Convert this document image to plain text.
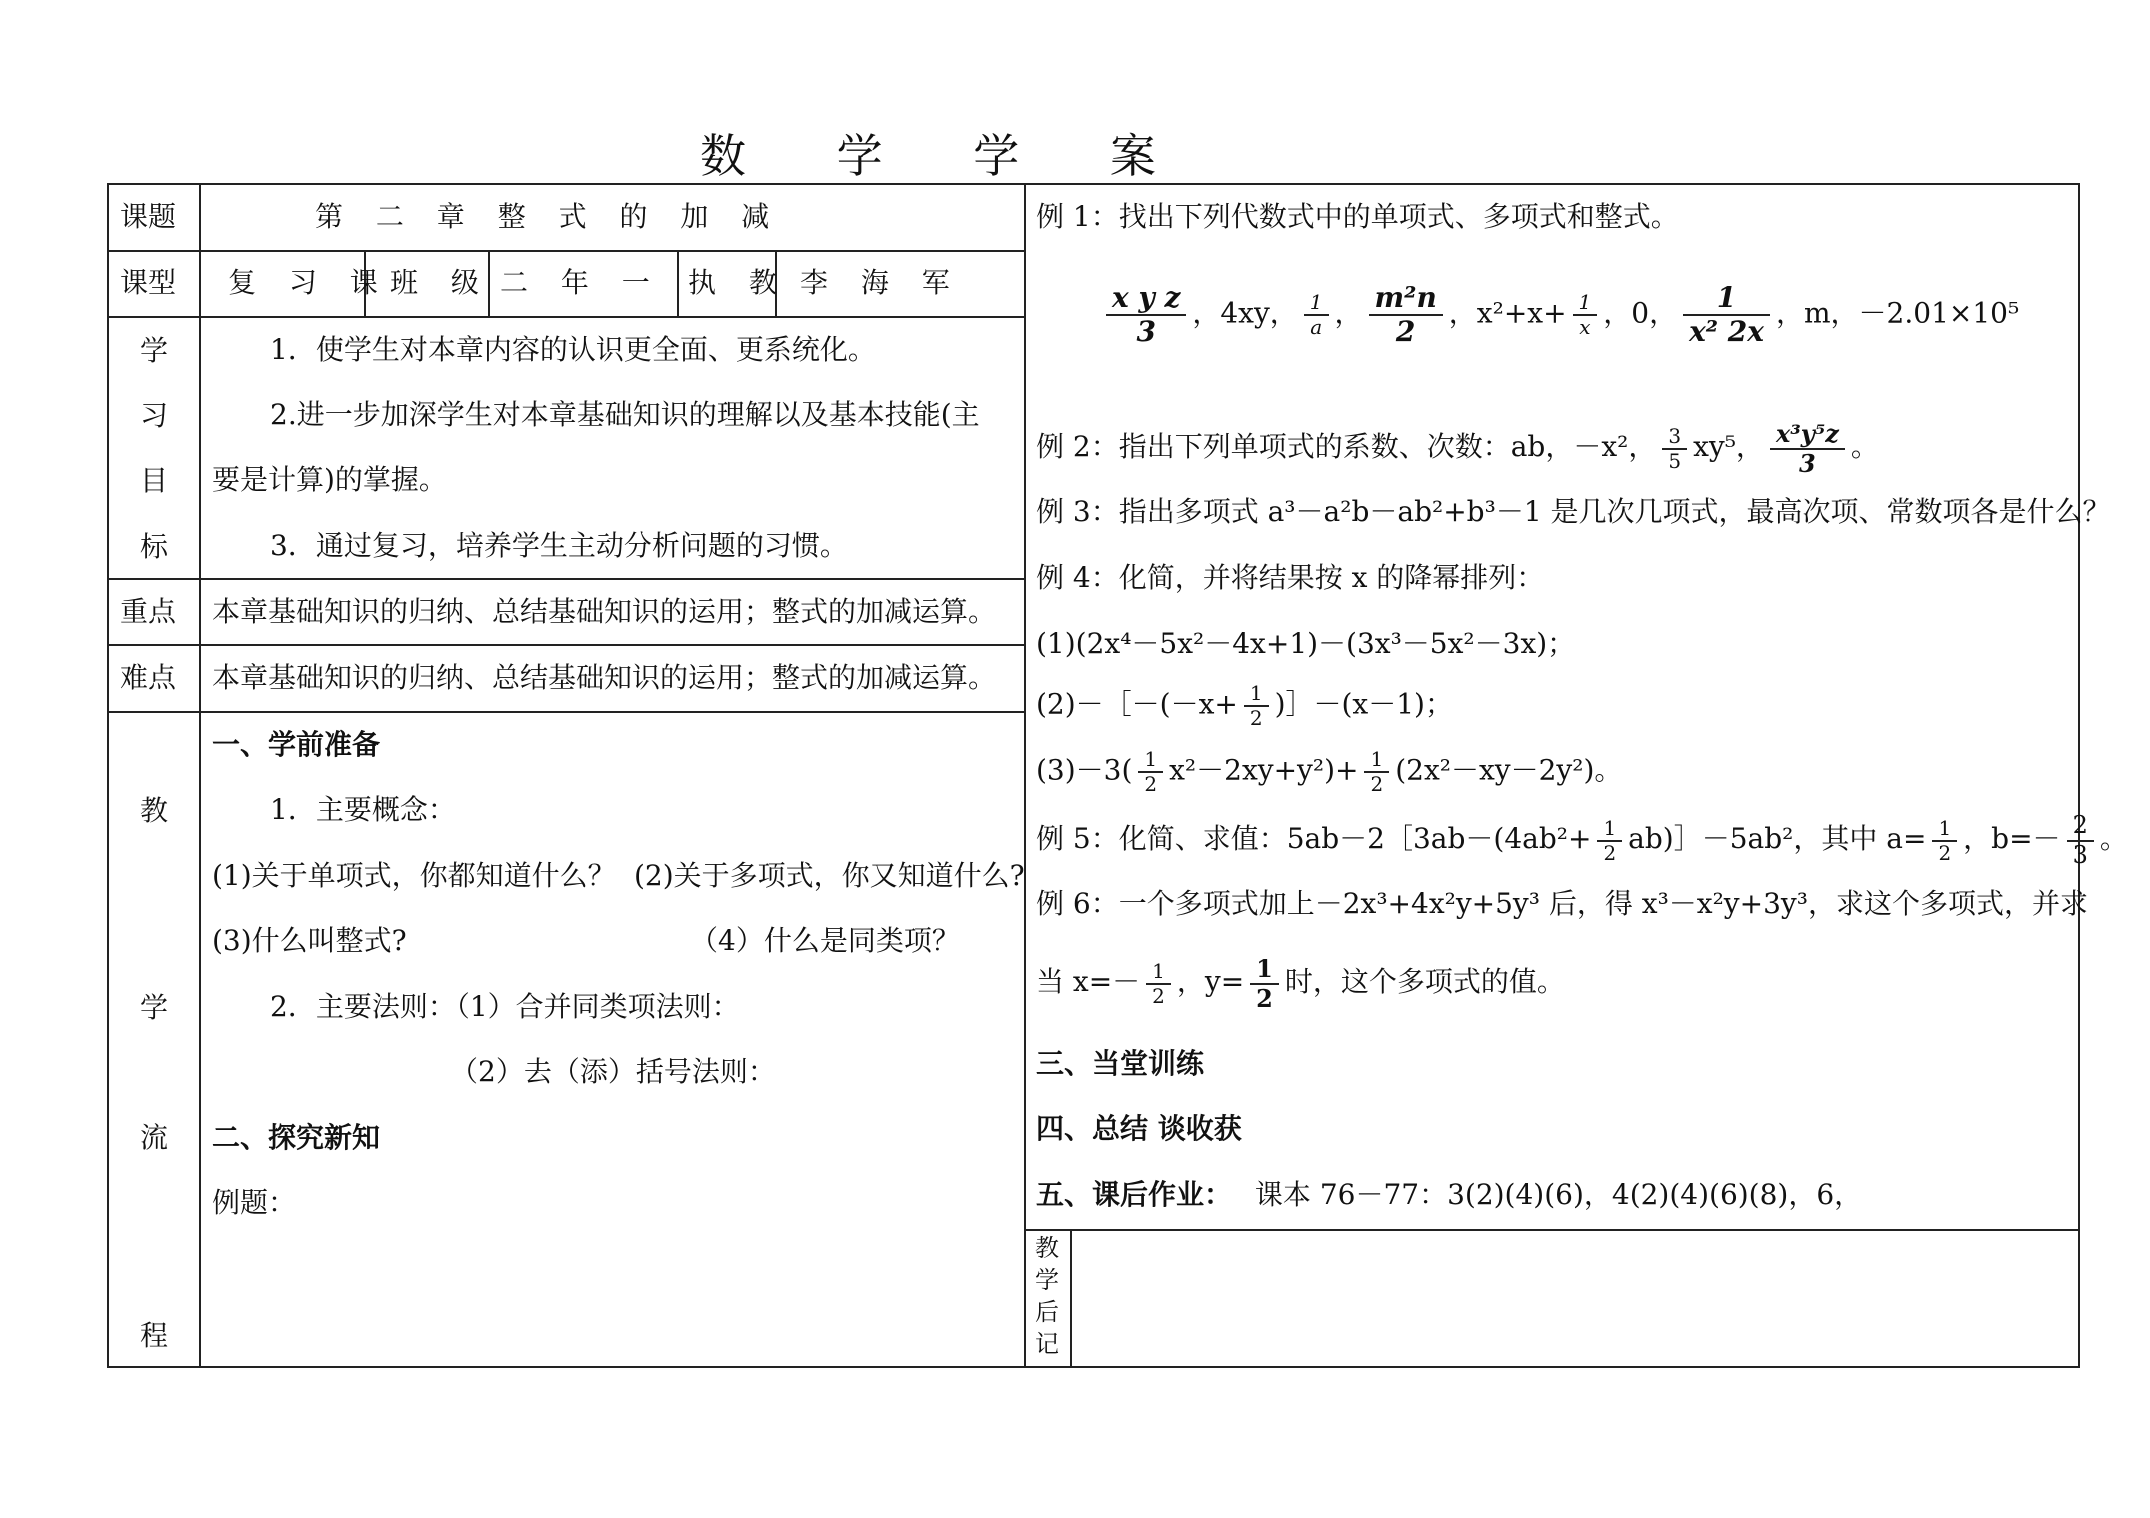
数 学 学 案
课题	第 二 章 整 式 的 加 减
课型 复 习 课 班 级 二 年 一 执 教 李 海 军
学
习
目
标
1．使学生对本章内容的认识更全面、更系统化。
2.进一步加深学生对本章基础知识的理解以及基本技能(主
要是计算)的掌握。
3．通过复习，培养学生主动分析问题的习惯。
重点 本章基础知识的归纳、总结基础知识的运用；整式的加减运算。
难点 本章基础知识的归纳、总结基础知识的运用；整式的加减运算。
教
学
流
程
一、学前准备
1．主要概念：
(1)关于单项式，你都知道什么？ (2)关于多项式，你又知道什么?
(3)什么叫整式?	（4）什么是同类项？
2．主要法则：（1）合并同类项法则：
（2）去（添）括号法则：
二、探究新知
例题：
例 1：找出下列代数式中的单项式、多项式和整式。
$\frac{\text{x y z}}{3}$ ，4xy， $\frac{1}{a}$ ， $\frac{\text{m²n}}{2}$ ，$x^2+x+ \frac{1}{x}$ ，0， $\frac{1}{\text{x² 2x}}$ ，m，－2.01×10⁵
例 2：指出下列单项式的系数、次数：ab，－x²， $\frac{3}{5} xy^5$， $\frac{\text{x³y⁵z}}{3}$ 。
例 3：指出多项式 a³－a²b－ab²+b³－1 是几次几项式，最高次项、常数项各是什么？
例 4：化简，并将结果按 x 的降幂排列：
(1)(2x⁴－5x²－4x+1)－(3x³－5x²－3x)；
(2)－［－(－x+ $\frac{1}{2}$ )］－(x－1)；
$(3)-3( \frac{1}{2} x^2-2xy+y^2)+ \frac{1}{2} (2x^2-xy-2y^2)$。
例 5：化简、求值：5ab－2［3ab－(4ab²+ $\frac{1}{2}$ ab)］－5ab²，其中 $a= \frac{1}{2}$ ，$b=- \frac{2}{3}$ 。
例 6：一个多项式加上－2x³+4x²y+5y³ 后，得 x³－x²y+3y³，求这个多项式，并求
当 $x=- \frac{1}{2}$ ，$y= \frac{1}{2}$ 时，这个多项式的值。
三、当堂训练
四、总结 谈收获
五、课后作业： 课本 76－77：3(2)(4)(6)，4(2)(4)(6)(8)，6，
教
学
后
记
